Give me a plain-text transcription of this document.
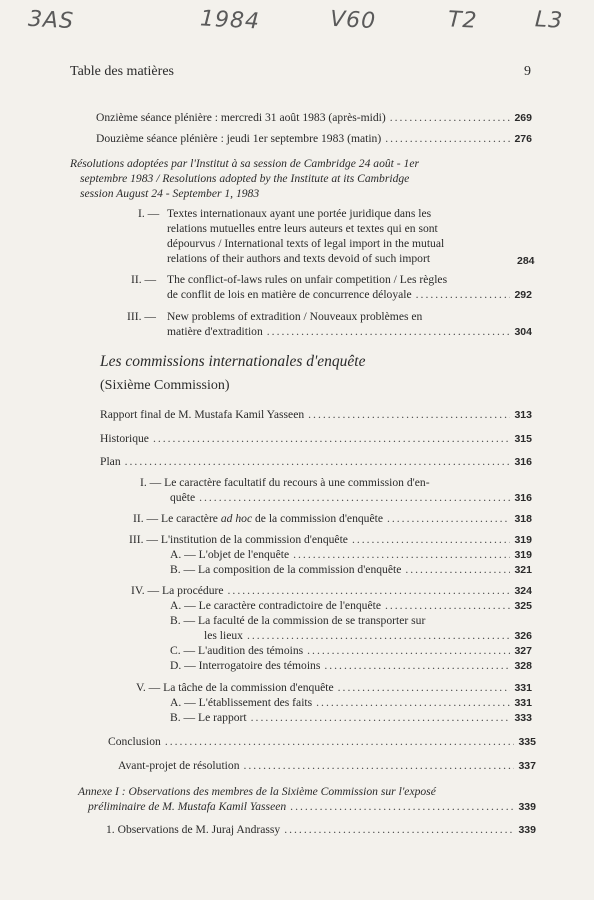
3AS	1984	V60	T2	L3
Table des matières	9
Onzième séance plénière : mercredi 31 août 1983 (après-midi) .....	269
Douzième séance plénière : jeudi 1er septembre 1983 (matin) .....	276
Résolutions adoptées par l'Institut à sa session de Cambridge 24 août - 1er
septembre 1983 / Resolutions adopted by the Institute at its Cambridge
session August 24 - September 1, 1983
I. — Textes internationaux ayant une portée juridique dans les
relations mutuelles entre leurs auteurs et textes qui en sont
dépourvus / International texts of legal import in the mutual
relations of their authors and texts devoid of such import	284
II. — The conflict-of-laws rules on unfair competition / Les règles
de conflit de lois en matière de concurrence déloyale .....	292
III. — New problems of extradition / Nouveaux problèmes en
matière d'extradition .....	304
Les commissions internationales d'enquête
(Sixième Commission)
Rapport final de M. Mustafa Kamil Yasseen .....	313
Historique .....	315
Plan .....	316
I. — Le caractère facultatif du recours à une commission d'en-
quête .....	316
II. — Le caractère ad hoc de la commission d'enquête .....	318
III. — L'institution de la commission d'enquête .....	319
A. — L'objet de l'enquête .....	319
B. — La composition de la commission d'enquête .....	321
IV. — La procédure .....	324
A. — Le caractère contradictoire de l'enquête .....	325
B. — La faculté de la commission de se transporter sur
les lieux .....	326
C. — L'audition des témoins .....	327
D. — Interrogatoire des témoins .....	328
V. — La tâche de la commission d'enquête .....	331
A. — L'établissement des faits .....	331
B. — Le rapport .....	333
Conclusion .....	335
Avant-projet de résolution .....	337
Annexe I : Observations des membres de la Sixième Commission sur l'exposé
préliminaire de M. Mustafa Kamil Yasseen .....	339
1. Observations de M. Juraj Andrassy .....	339
